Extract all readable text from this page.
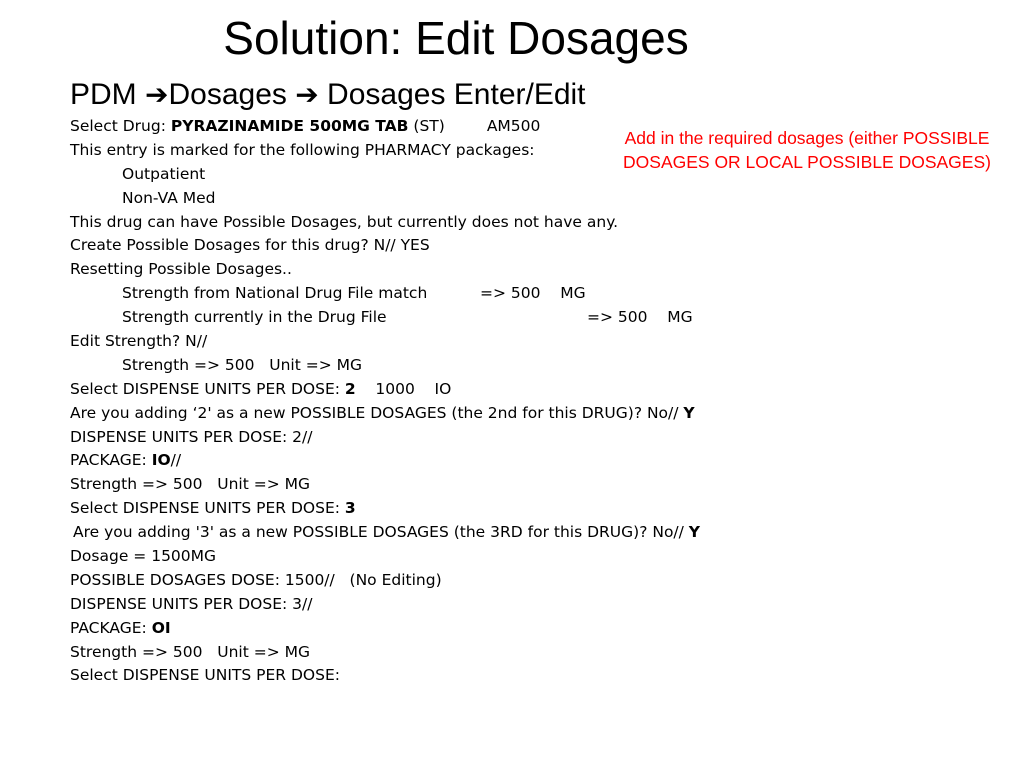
Solution: Edit Dosages
PDM ➔Dosages ➔ Dosages Enter/Edit
Add in the required dosages (either POSSIBLE DOSAGES OR LOCAL POSSIBLE DOSAGES)
Select Drug: PYRAZINAMIDE 500MG TAB (ST)	AM500
This entry is marked for the following PHARMACY packages:
Outpatient
Non-VA Med
This drug can have Possible Dosages, but currently does not have any.
Create Possible Dosages for this drug? N// YES
Resetting Possible Dosages..
Strength from National Drug File match	=> 500    MG
Strength currently in the Drug File	=> 500    MG
Edit Strength? N//
Strength => 500   Unit => MG
Select DISPENSE UNITS PER DOSE: 2    1000    IO
Are you adding ‘2' as a new POSSIBLE DOSAGES (the 2nd for this DRUG)? No// Y
DISPENSE UNITS PER DOSE: 2//
PACKAGE: IO//
Strength => 500   Unit => MG
Select DISPENSE UNITS PER DOSE: 3
Are you adding '3' as a new POSSIBLE DOSAGES (the 3RD for this DRUG)? No// Y
Dosage = 1500MG
POSSIBLE DOSAGES DOSE: 1500//   (No Editing)
DISPENSE UNITS PER DOSE: 3//
PACKAGE: OI
Strength => 500   Unit => MG
Select DISPENSE UNITS PER DOSE:
